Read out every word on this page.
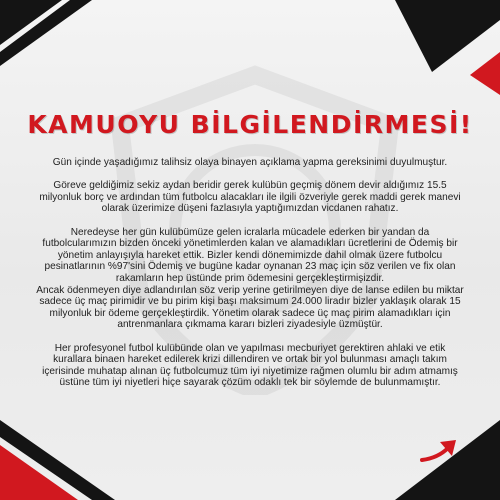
KAMUOYU BİLGİLENDİRMESİ!

Gün içinde yaşadığımız talihsiz olaya binayen açıklama yapma gereksinimi duyulmuştur.

Göreve geldiğimiz sekiz aydan beridir gerek kulübün geçmiş dönem devir aldığımız 15.5
milyonluk borç ve ardından tüm futbolcu alacakları ile ilgili özveriyle gerek maddi gerek manevi
olarak üzerimize düşeni fazlasıyla yaptığımızdan vicdanen rahatız.

Neredeyse her gün kulübümüze gelen icralarla mücadele ederken bir yandan da
futbolcularımızın bizden önceki yönetimlerden kalan ve alamadıkları ücretlerini de Ödemiş bir
yönetim anlayışıyla hareket ettik. Bizler kendi dönemimizde dahil olmak üzere futbolcu
pesinatlarının %97'sini Ödemiş ve bugüne kadar oynanan 23 maç için söz verilen ve fix olan
rakamların hep üstünde prim ödemesini gerçekleştirmişizdir.
Ancak ödenmeyen diye adlandırılan söz verip yerine getirilmeyen diye de lanse edilen bu miktar
sadece üç maç pirimidir ve bu pirim kişi başı maksimum 24.000 liradır bizler yaklaşık olarak 15
milyonluk bir ödeme gerçekleştirdik. Yönetim olarak sadece üç maç pirim alamadıkları için
antrenmanlara çıkmama kararı bizleri ziyadesiyle üzmüştür.

Her profesyonel futbol kulübünde olan ve yapılması mecburiyet gerektiren ahlaki ve etik
kurallara binaen hareket edilerek krizi dillendiren ve ortak bir yol bulunması amaçlı takım
içerisinde muhatap alınan üç futbolcumuz tüm iyi niyetimize rağmen olumlu bir adım atmamış
üstüne tüm iyi niyetleri hiçe sayarak çözüm odaklı tek bir söylemde de bulunmamıştır.
